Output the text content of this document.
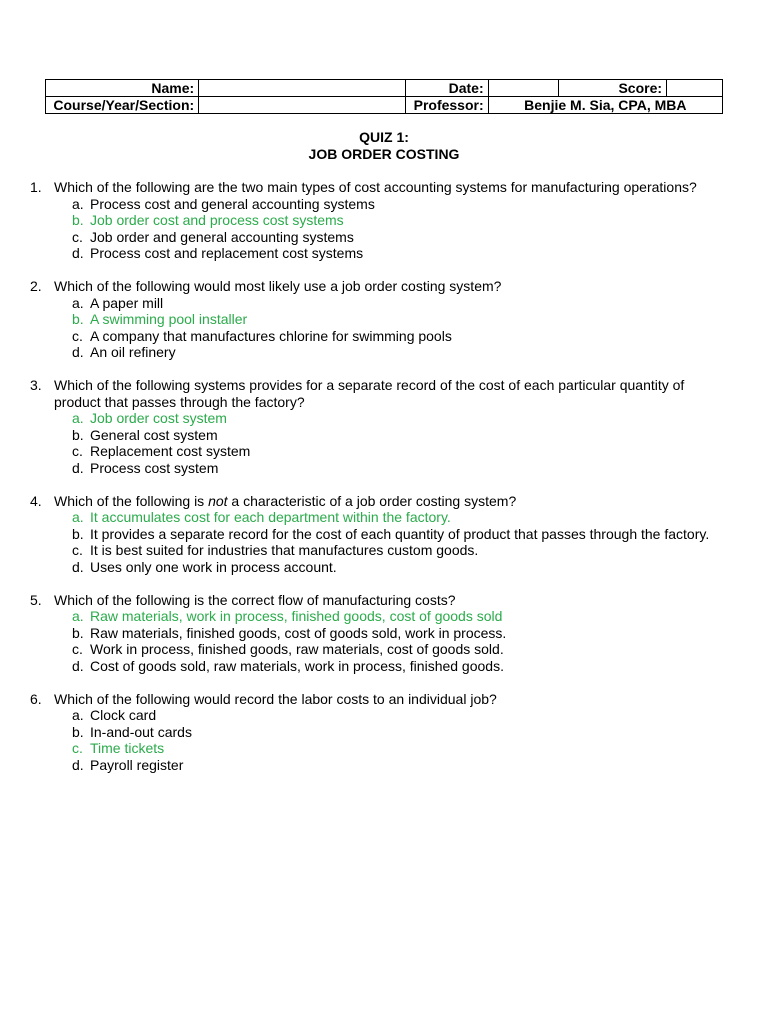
Name:		Date:		Score:	
Course/Year/Section:		Professor:	Benjie M. Sia, CPA, MBA		
QUIZ 1:
JOB ORDER COSTING
1. Which of the following are the two main types of cost accounting systems for manufacturing operations?
a. Process cost and general accounting systems
b. Job order cost and process cost systems
c. Job order and general accounting systems
d. Process cost and replacement cost systems
2. Which of the following would most likely use a job order costing system?
a. A paper mill
b. A swimming pool installer
c. A company that manufactures chlorine for swimming pools
d. An oil refinery
3. Which of the following systems provides for a separate record of the cost of each particular quantity of product that passes through the factory?
a. Job order cost system
b. General cost system
c. Replacement cost system
d. Process cost system
4. Which of the following is not a characteristic of a job order costing system?
a. It accumulates cost for each department within the factory.
b. It provides a separate record for the cost of each quantity of product that passes through the factory.
c. It is best suited for industries that manufactures custom goods.
d. Uses only one work in process account.
5. Which of the following is the correct flow of manufacturing costs?
a. Raw materials, work in process, finished goods, cost of goods sold
b. Raw materials, finished goods, cost of goods sold, work in process.
c. Work in process, finished goods, raw materials, cost of goods sold.
d. Cost of goods sold, raw materials, work in process, finished goods.
6. Which of the following would record the labor costs to an individual job?
a. Clock card
b. In-and-out cards
c. Time tickets
d. Payroll register
